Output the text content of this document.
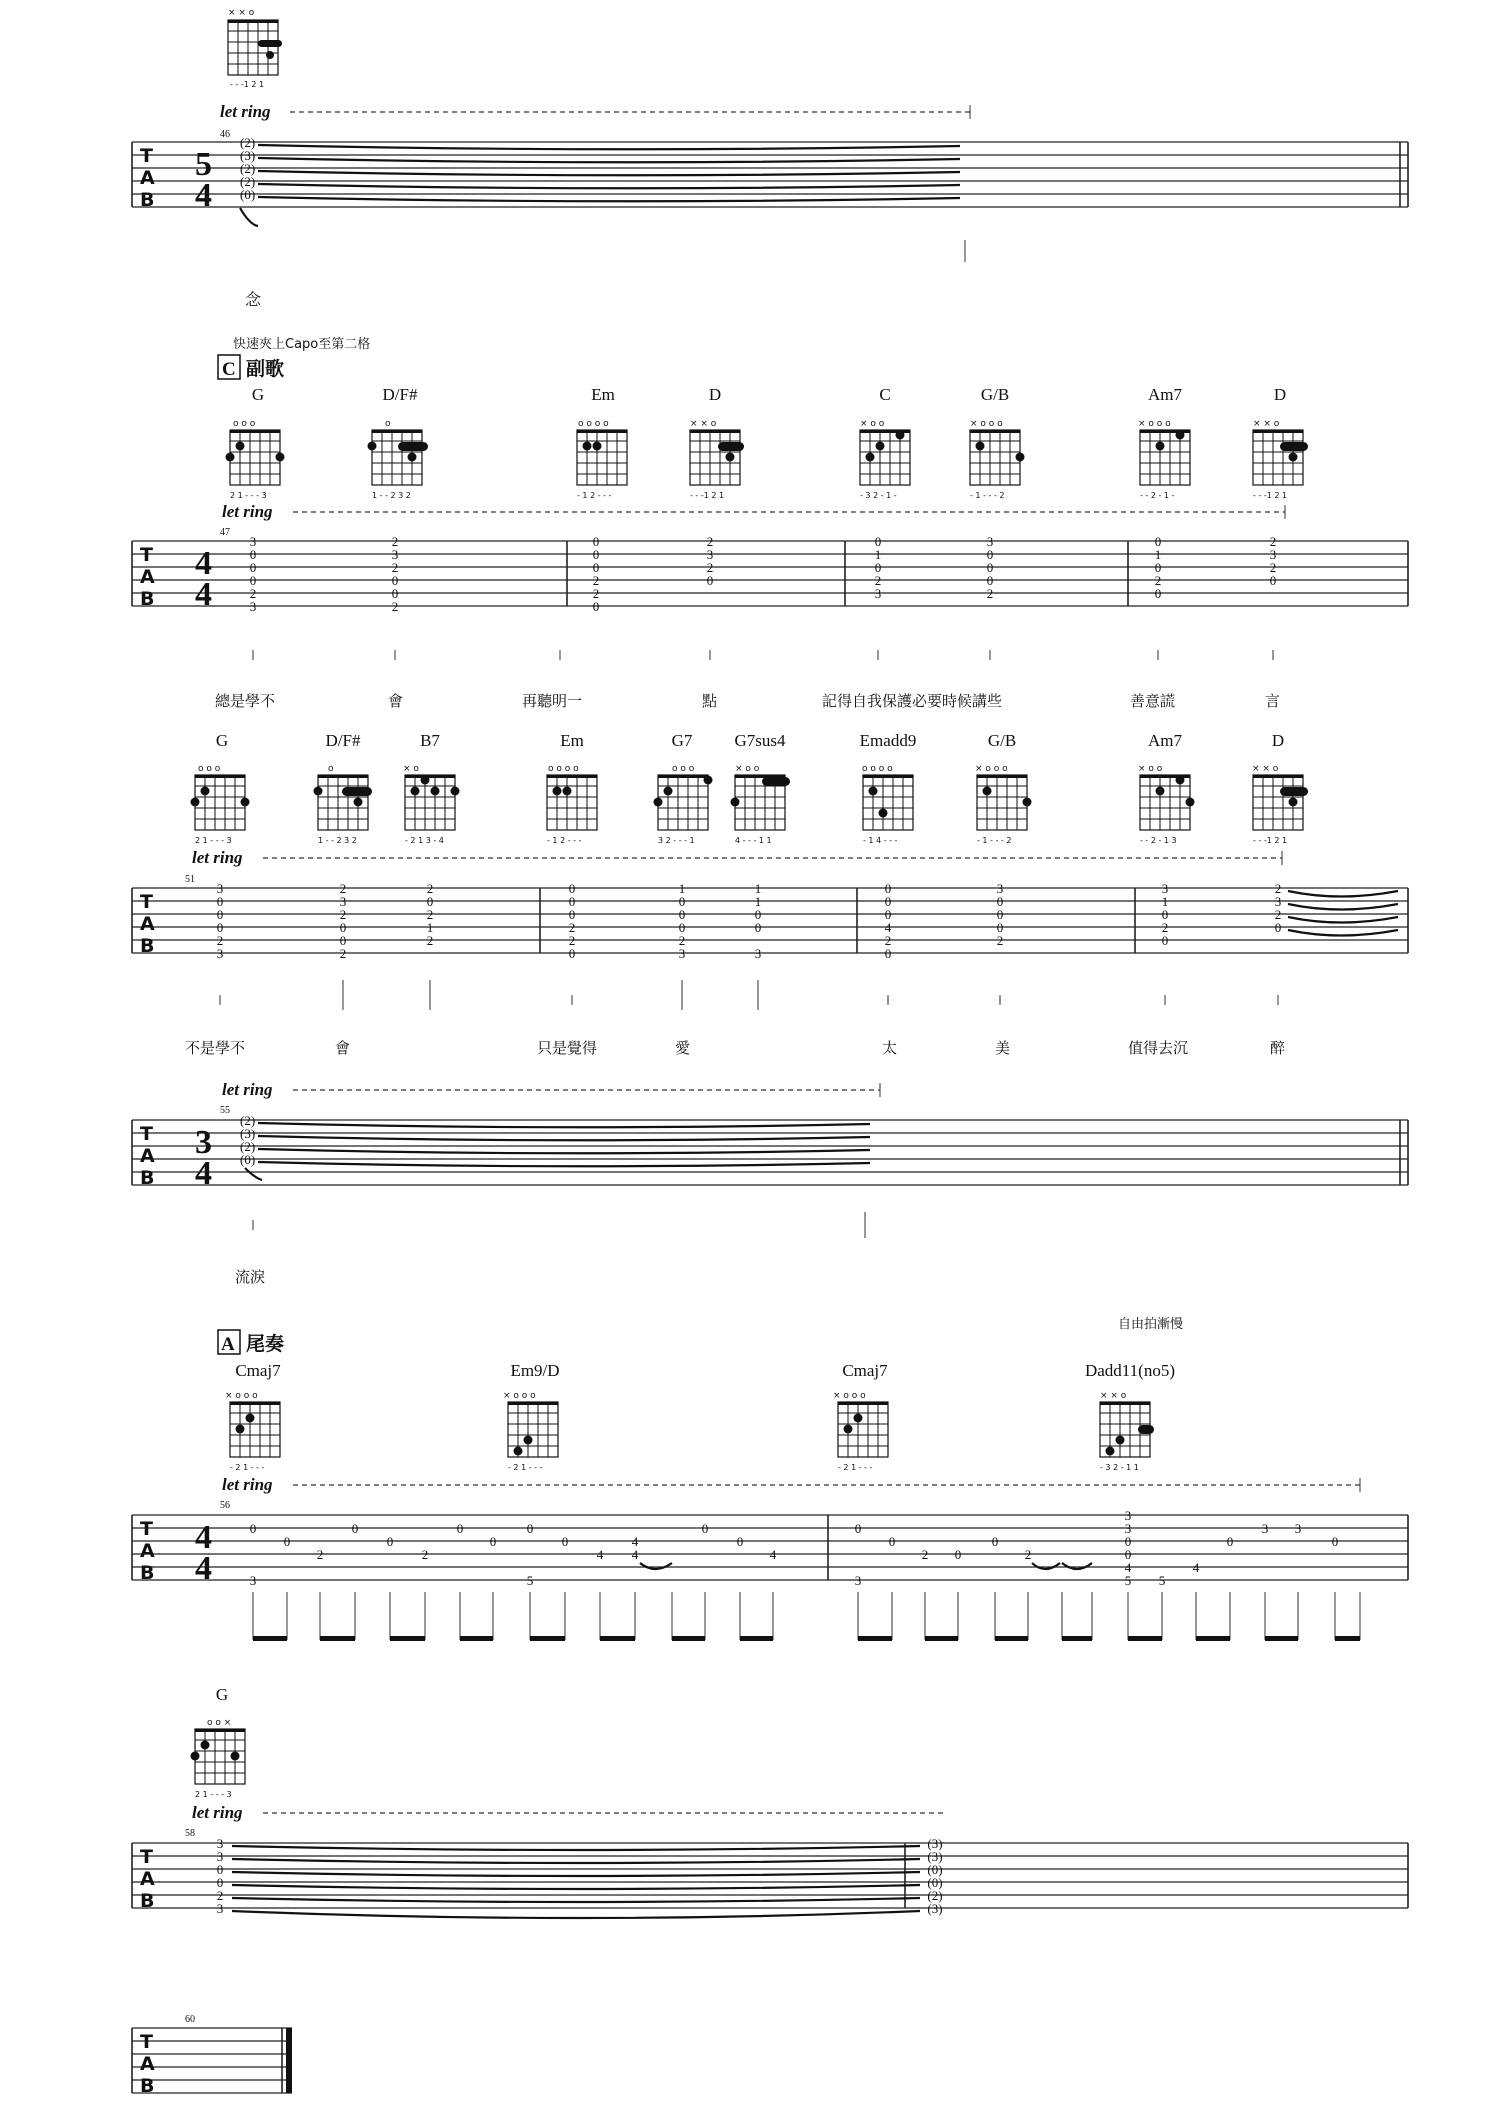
× × o
- - -1 2 1
let ring
46
T
A
B
5
4
(2)
(3)
(2)
(2)
(0)
念
快速夾上Capo至第二格
C 副歌
G	D/F#	Em	D	C	G/B	Am7	D
o o o
2 1 - - - 3
o
1 - - 2 3 2
o o o o
- 1 2 - - -
× × o
- - -1 2 1
× o o
- 3 2 - 1 -
× o o o
- 1 - - - 2
× o o o
- - 2 - 1 -
× × o
- - -1 2 1
let ring
47
T
A
B
4
4
3
0
0
0
2
3
2
3
2
0
0
2
0
0
0
2
2
0
2
3
2
0
0
1
0
2
3
3
0
0
0
2
0
1
0
2
0
2
3
2
0
總是學不	會	再聽明一	點	記得自我保護必要時候講些	善意謊	言
G	D/F#	B7	Em	G7 G7sus4	Emadd9	G/B	Am7	D
o o o
2 1 - - - 3
o
1 - - 2 3 2
× o
- 2 1 3 - 4
o o o o
- 1 2 - - -
o o o
3 2 - - - 1
× o o
4 - - - 1 1
o o o o
- 1 4 - - -
× o o o
- 1 - - - 2
× o o
- - 2 - 1 3
× × o
- - -1 2 1
let ring
51
T
A
B
3
0
0
0
2
3
2
3
2
0
0
2
2
0
2
1
2
0
0
0
2
2
0
1
0
0
0
2
3
1
1
0
0
3
0
0
0
4
2
0
3
0
0
0
2
3
1
0
2
0
2
3
2
0
不是學不	會	只是覺得	愛	太	美	值得去沉	醉
let ring
55
T
A
B
3
4
(2)
(3)
(2)
(0)
流淚
自由拍漸慢
A 尾奏
Cmaj7	Em9/D	Cmaj7	Dadd11(no5)
× o o o
- 2 1 - - -
× o o o
- 2 1 - - -
× o o o
- 2 1 - - -
× × o
- 3 2 - 1 1
let ring
56
T
A
B
4
4
0
3
0
2
0
0
2
0
0
0
5
0
4
4
4
0
0
4
0
3
0
2 0
0
2
3
3
0
0
4
5 5
4
0
3 3
0
G
o o ×
2 1 - - - 3
let ring
58
T
A
B
3
3
0
0
2
3
(3)
(3)
(0)
(0)
(2)
(3)
60
T
A
B
